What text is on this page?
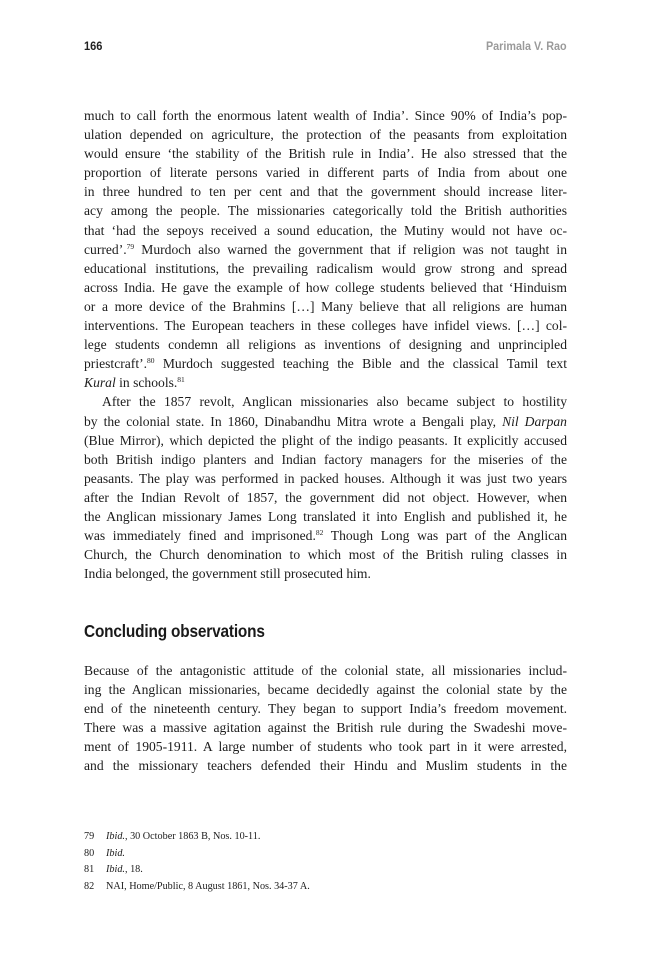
166	Parimala V. Rao
much to call forth the enormous latent wealth of India’. Since 90% of India’s pop-
ulation depended on agriculture, the protection of the peasants from exploitation
would ensure ‘the stability of the British rule in India’. He also stressed that the
proportion of literate persons varied in different parts of India from about one
in three hundred to ten per cent and that the government should increase liter-
acy among the people. The missionaries categorically told the British authorities
that ‘had the sepoys received a sound education, the Mutiny would not have oc-
curred’.$^{79}$ Murdoch also warned the government that if religion was not taught in
educational institutions, the prevailing radicalism would grow strong and spread
across India. He gave the example of how college students believed that ‘Hinduism
or a more device of the Brahmins […] Many believe that all religions are human
interventions. The European teachers in these colleges have infidel views. […] col-
lege students condemn all religions as inventions of designing and unprincipled
priestcraft’.$^{80}$ Murdoch suggested teaching the Bible and the classical Tamil text
Kural in schools.$^{81}$
After the 1857 revolt, Anglican missionaries also became subject to hostility
by the colonial state. In 1860, Dinabandhu Mitra wrote a Bengali play, Nil Darpan
(Blue Mirror), which depicted the plight of the indigo peasants. It explicitly accused
both British indigo planters and Indian factory managers for the miseries of the
peasants. The play was performed in packed houses. Although it was just two years
after the Indian Revolt of 1857, the government did not object. However, when
the Anglican missionary James Long translated it into English and published it, he
was immediately fined and imprisoned.$^{82}$ Though Long was part of the Anglican
Church, the Church denomination to which most of the British ruling classes in
India belonged, the government still prosecuted him.
Concluding observations
Because of the antagonistic attitude of the colonial state, all missionaries includ-
ing the Anglican missionaries, became decidedly against the colonial state by the
end of the nineteenth century. They began to support India’s freedom movement.
There was a massive agitation against the British rule during the Swadeshi move-
ment of 1905-1911. A large number of students who took part in it were arrested,
and the missionary teachers defended their Hindu and Muslim students in the
79 Ibid., 30 October 1863 B, Nos. 10-11.
80 Ibid.
81 Ibid., 18.
82 NAI, Home/Public, 8 August 1861, Nos. 34-37 A.
